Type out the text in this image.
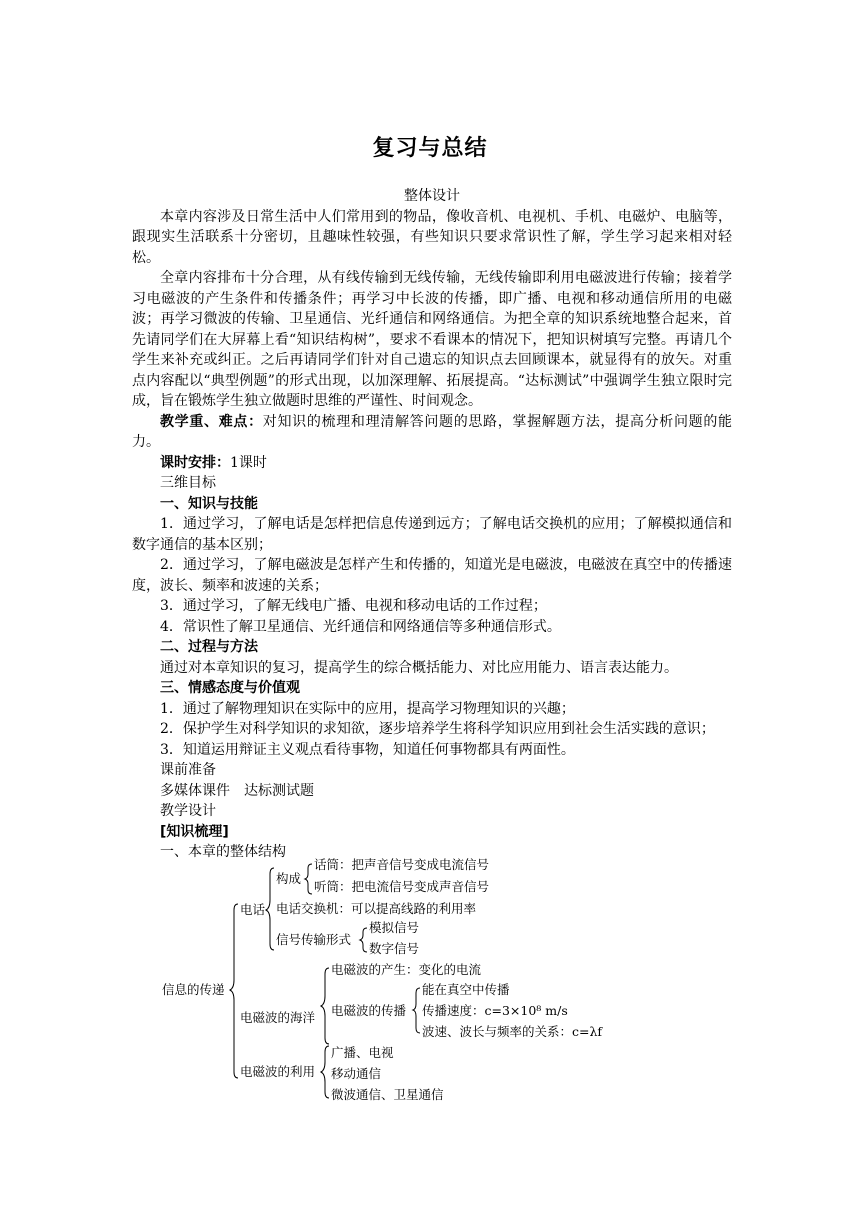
复习与总结

整体设计

本章内容涉及日常生活中人们常用到的物品，像收音机、电视机、手机、电磁炉、电脑等，跟现实生活联系十分密切，且趣味性较强，有些知识只要求常识性了解，学生学习起来相对轻松。

全章内容排布十分合理，从有线传输到无线传输，无线传输即利用电磁波进行传输；接着学习电磁波的产生条件和传播条件；再学习中长波的传播，即广播、电视和移动通信所用的电磁波；再学习微波的传输、卫星通信、光纤通信和网络通信。为把全章的知识系统地整合起来，首先请同学们在大屏幕上看“知识结构树”，要求不看课本的情况下，把知识树填写完整。再请几个学生来补充或纠正。之后再请同学们针对自己遗忘的知识点去回顾课本，就显得有的放矢。对重点内容配以“典型例题”的形式出现，以加深理解、拓展提高。“达标测试”中强调学生独立限时完成，旨在锻炼学生独立做题时思维的严谨性、时间观念。

教学重、难点：对知识的梳理和理清解答问题的思路，掌握解题方法，提高分析问题的能力。

课时安排：1课时

三维目标

一、知识与技能

1．通过学习，了解电话是怎样把信息传递到远方；了解电话交换机的应用；了解模拟通信和数字通信的基本区别；

2．通过学习，了解电磁波是怎样产生和传播的，知道光是电磁波，电磁波在真空中的传播速度，波长、频率和波速的关系；

3．通过学习，了解无线电广播、电视和移动电话的工作过程；

4．常识性了解卫星通信、光纤通信和网络通信等多种通信形式。

二、过程与方法

通过对本章知识的复习，提高学生的综合概括能力、对比应用能力、语言表达能力。

三、情感态度与价值观

1．通过了解物理知识在实际中的应用，提高学习物理知识的兴趣；

2．保护学生对科学知识的求知欲，逐步培养学生将科学知识应用到社会生活实践的意识；

3．知道运用辩证主义观点看待事物，知道任何事物都具有两面性。

课前准备

多媒体课件　达标测试题

教学设计

[知识梳理]

一、本章的整体结构

信息的传递
电话
构成
话筒：把声音信号变成电流信号
听筒：把电流信号变成声音信号
电话交换机：可以提高线路的利用率
信号传输形式
模拟信号
数字信号
电磁波的海洋
电磁波的产生：变化的电流
电磁波的传播
能在真空中传播
传播速度：c=3×10⁸ m/s
波速、波长与频率的关系：c=λf
电磁波的利用
广播、电视
移动通信
微波通信、卫星通信
